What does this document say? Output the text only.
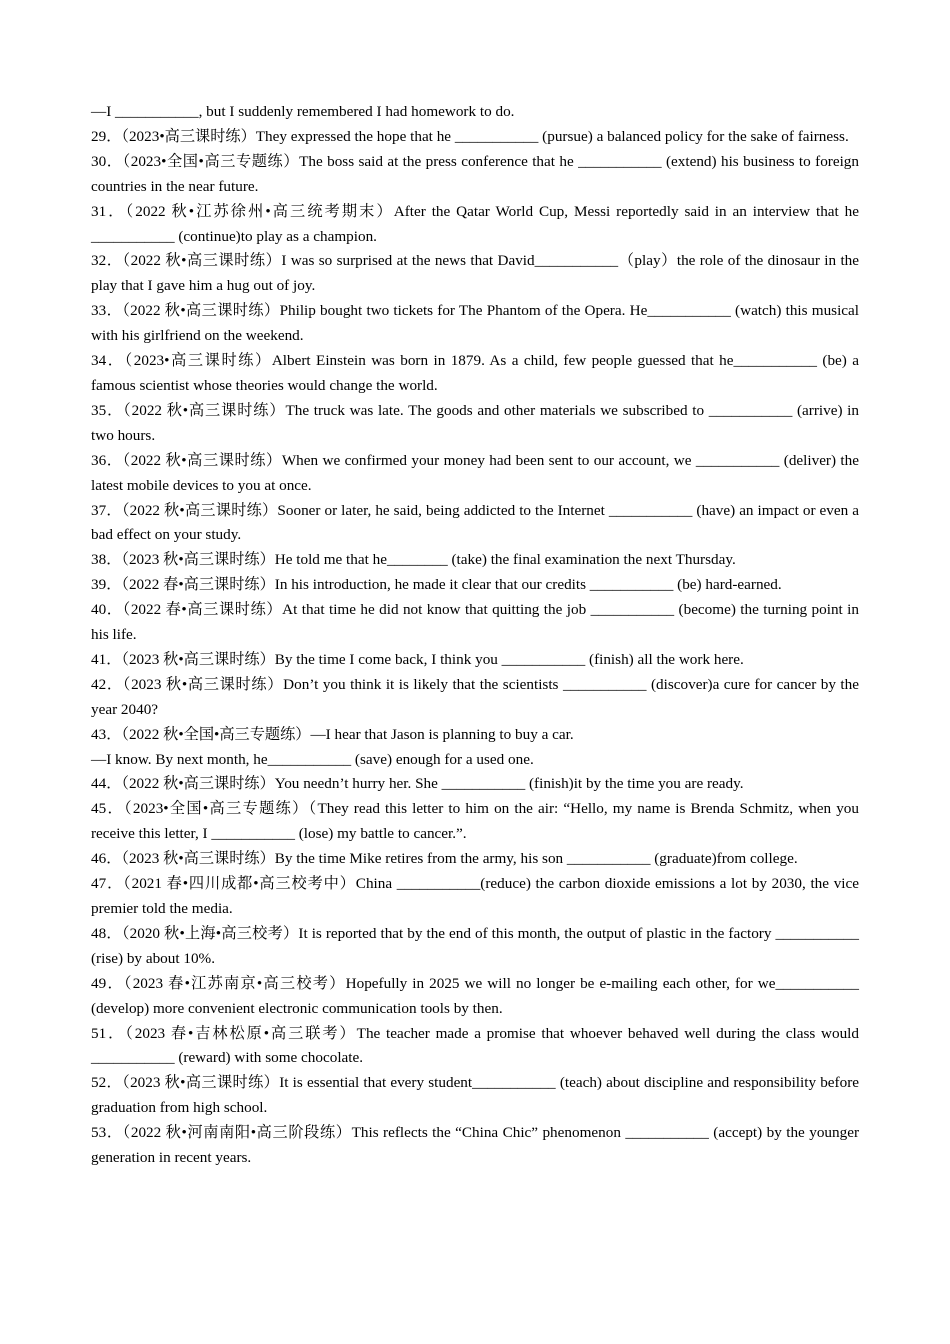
—I ___________, but I suddenly remembered I had homework to do.

29．（2023•高三课时练）They expressed the hope that he ___________ (pursue) a balanced policy for the sake of fairness.

30．（2023•全国•高三专题练）The boss said at the press conference that he ___________ (extend) his business to foreign countries in the near future.

31．（2022 秋•江苏徐州•高三统考期末）After the Qatar World Cup, Messi reportedly said in an interview that he ___________ (continue)to play as a champion.

32．（2022 秋•高三课时练）I was so surprised at the news that David___________（play）the role of the dinosaur in the play that I gave him a hug out of joy.

33．（2022 秋•高三课时练）Philip bought two tickets for The Phantom of the Opera. He___________ (watch) this musical with his girlfriend on the weekend.

34．（2023•高三课时练）Albert Einstein was born in 1879. As a child, few people guessed that he___________ (be) a famous scientist whose theories would change the world.

35．（2022 秋•高三课时练）The truck was late. The goods and other materials we subscribed to ___________ (arrive) in two hours.

36．（2022 秋•高三课时练）When we confirmed your money had been sent to our account, we ___________ (deliver) the latest mobile devices to you at once.

37．（2022 秋•高三课时练）Sooner or later, he said, being addicted to the Internet ___________ (have) an impact or even a bad effect on your study.

38．（2023 秋•高三课时练）He told me that he________ (take) the final examination the next Thursday.

39．（2022 春•高三课时练）In his introduction, he made it clear that our credits ___________ (be) hard-earned.

40．（2022 春•高三课时练）At that time he did not know that quitting the job ___________ (become) the turning point in his life.

41．（2023 秋•高三课时练）By the time I come back, I think you ___________ (finish) all the work here.

42．（2023 秋•高三课时练）Don’t you think it is likely that the scientists ___________ (discover)a cure for cancer by the year 2040?

43．（2022 秋•全国•高三专题练）—I hear that Jason is planning to buy a car.

—I know. By next month, he___________ (save) enough for a used one.

44．（2022 秋•高三课时练）You needn’t hurry her. She ___________ (finish)it by the time you are ready.

45．（2023•全国•高三专题练）（They read this letter to him on the air: “Hello, my name is Brenda Schmitz, when you receive this letter, I ___________ (lose) my battle to cancer.”.

46．（2023 秋•高三课时练）By the time Mike retires from the army, his son ___________ (graduate)from college.

47．（2021 春•四川成都•高三校考中）China ___________(reduce) the carbon dioxide emissions a lot by 2030, the vice premier told the media.

48．（2020 秋•上海•高三校考）It is reported that by the end of this month, the output of plastic in the factory ___________ (rise) by about 10%.

49．（2023 春•江苏南京•高三校考）Hopefully in 2025 we will no longer be e-mailing each other, for we___________ (develop) more convenient electronic communication tools by then.

51．（2023 春•吉林松原•高三联考）The teacher made a promise that whoever behaved well during the class would ___________ (reward) with some chocolate.

52．（2023 秋•高三课时练）It is essential that every student___________ (teach) about discipline and responsibility before graduation from high school.

53．（2022 秋•河南南阳•高三阶段练）This reflects the “China Chic” phenomenon ___________ (accept) by the younger generation in recent years.
